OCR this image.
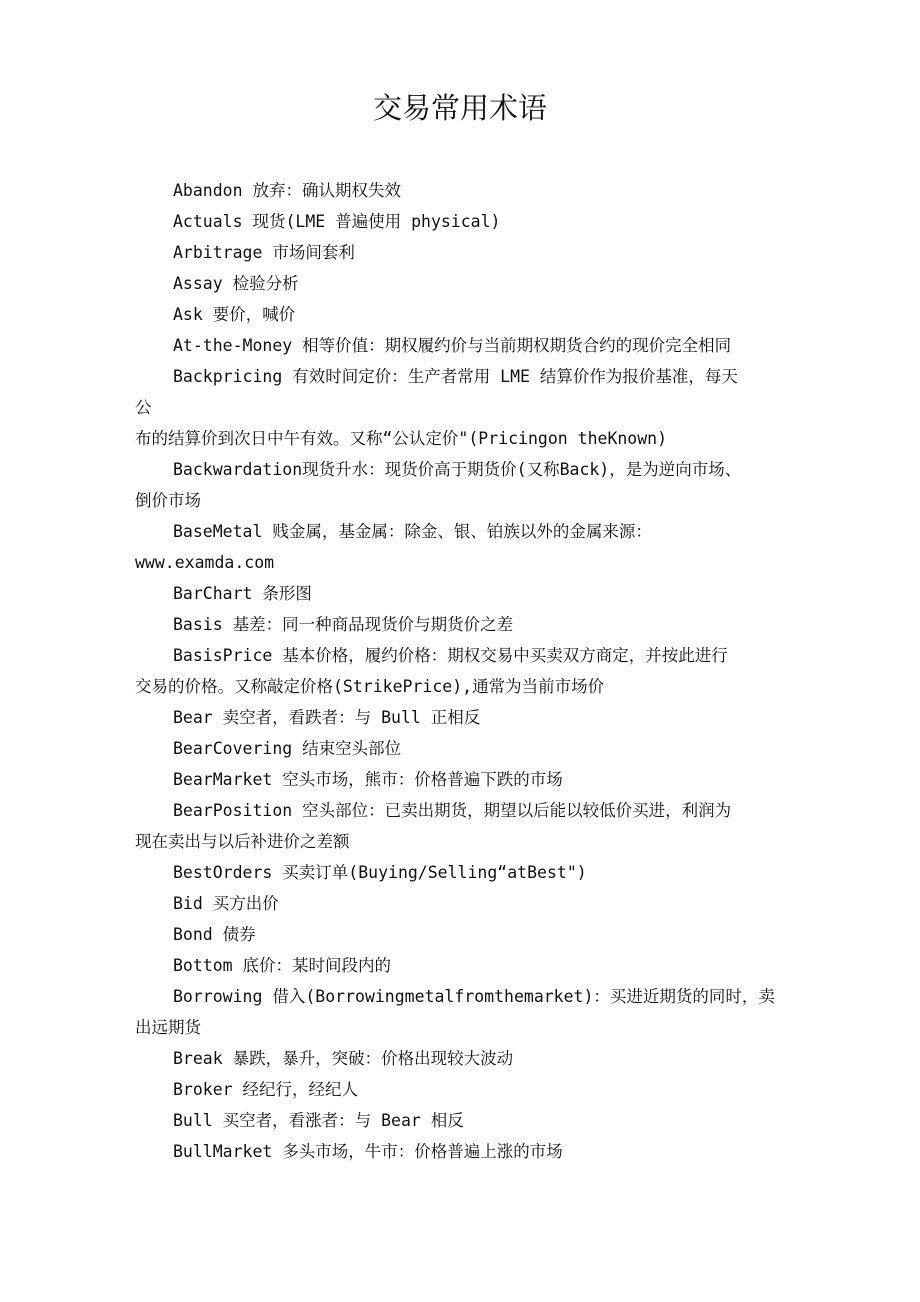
交易常用术语
Abandon 放弃：确认期权失效
Actuals 现货(LME 普遍使用 physical)
Arbitrage 市场间套利
Assay 检验分析
Ask 要价，喊价
At-the-Money 相等价值：期权履约价与当前期权期货合约的现价完全相同
Backpricing 有效时间定价：生产者常用 LME 结算价作为报价基准，每天
公
布的结算价到次日中午有效。又称“公认定价"(Pricingon theKnown)
Backwardation现货升水：现货价高于期货价(又称Back)，是为逆向市场、
倒价市场
BaseMetal 贱金属，基金属：除金、银、铂族以外的金属来源：
www.examda.com
BarChart 条形图
Basis 基差：同一种商品现货价与期货价之差
BasisPrice 基本价格，履约价格：期权交易中买卖双方商定，并按此进行
交易的价格。又称敲定价格(StrikePrice),通常为当前市场价
Bear 卖空者，看跌者：与 Bull 正相反
BearCovering 结束空头部位
BearMarket 空头市场，熊市：价格普遍下跌的市场
BearPosition 空头部位：已卖出期货，期望以后能以较低价买进，利润为
现在卖出与以后补进价之差额
BestOrders 买卖订单(Buying/Selling“atBest")
Bid 买方出价
Bond 债券
Bottom 底价：某时间段内的
Borrowing 借入(Borrowingmetalfromthemarket)：买进近期货的同时，卖
出远期货
Break 暴跌，暴升，突破：价格出现较大波动
Broker 经纪行，经纪人
Bull 买空者，看涨者：与 Bear 相反
BullMarket 多头市场，牛市：价格普遍上涨的市场
